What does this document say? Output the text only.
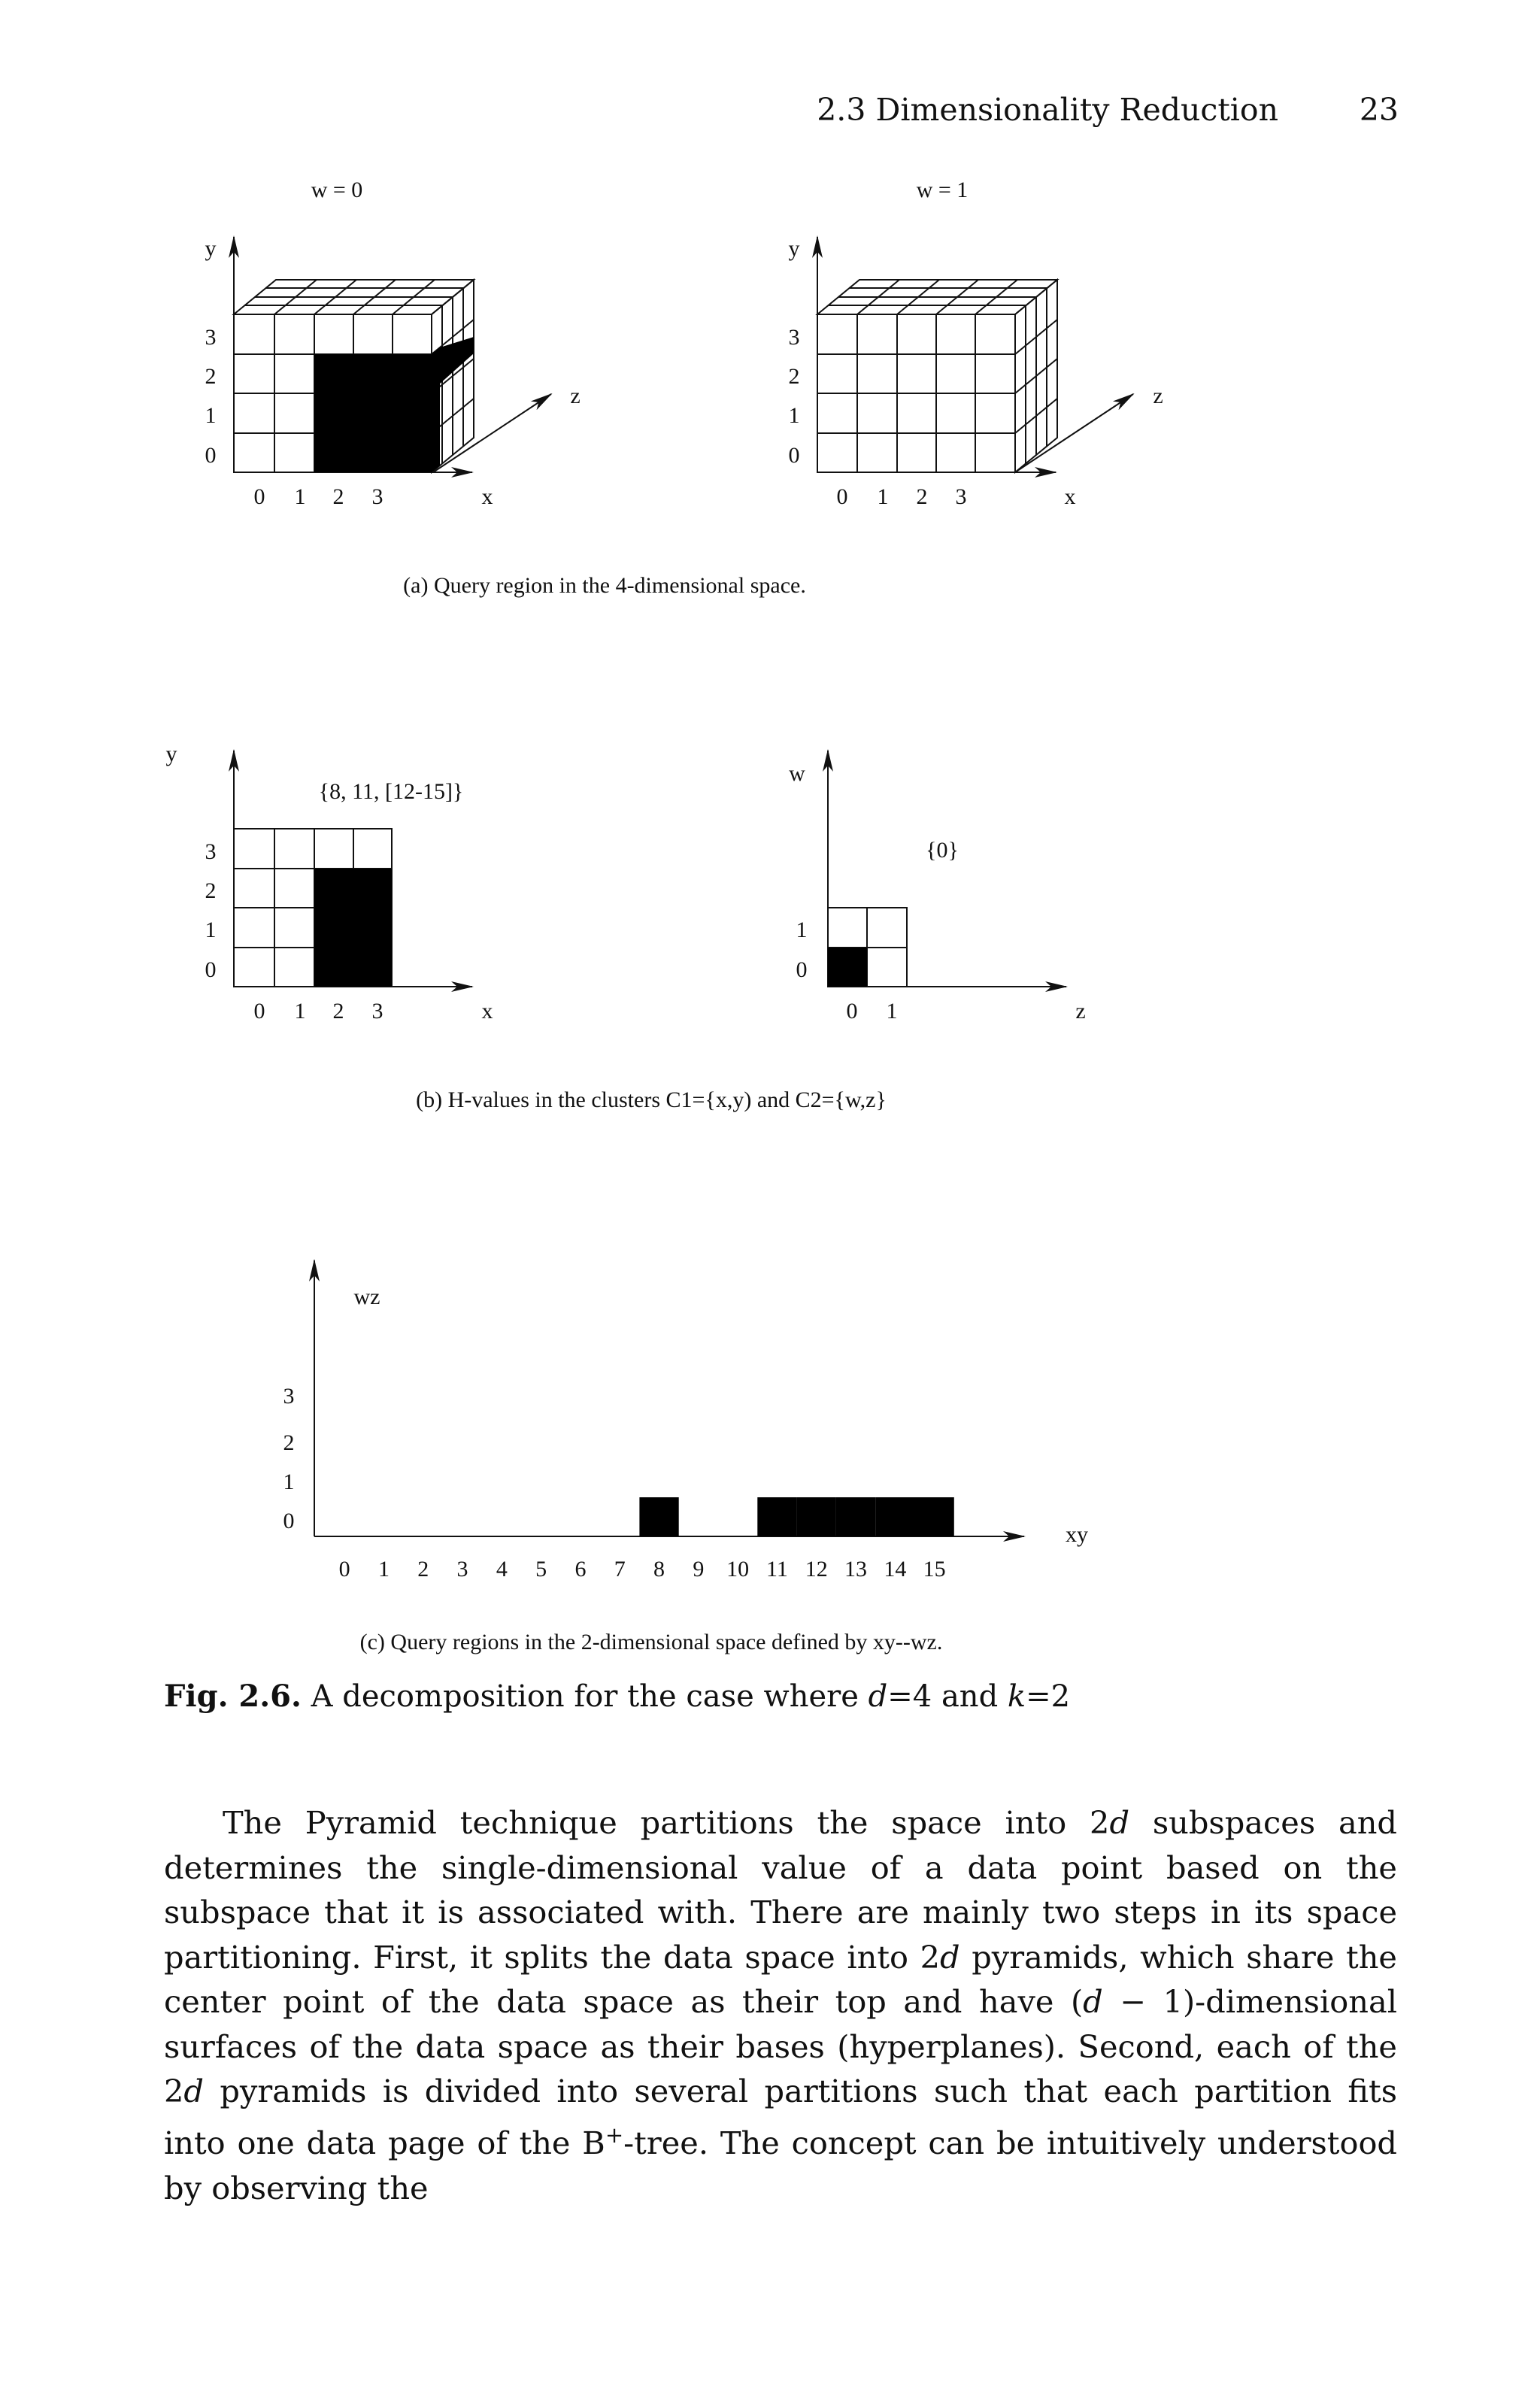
2.3 Dimensionality Reduction	23
w = 0	w = 1
y
3
2
1
0
0 1 2 3	x
z
y
3
2
1
0
0 1 2 3	x
z
(a) Query region in the 4-dimensional space.
y
{8, 11, [12-15]}
3
2
1
0
0 1 2 3	x
w
{0}
1
0
0 1	z
(b) H-values in the clusters C1={x,y) and C2={w,z}
0 1 2 3 4 5 6 7 8 9 10 11 12 13 14 15
wz
xy
3
2
1
0
(c) Query regions in the 2-dimensional space defined by xy--wz.
Fig. 2.6. A decomposition for the case where d=4 and k=2

The Pyramid technique partitions the space into 2d subspaces and determines the single-dimensional value of a data point based on the subspace that it is associated with. There are mainly two steps in its space partitioning. First, it splits the data space into 2d pyramids, which share the center point of the data space as their top and have (d − 1)-dimensional surfaces of the data space as their bases (hyperplanes). Second, each of the 2d pyramids is divided into several partitions such that each partition fits into one data page of the B+-tree. The concept can be intuitively understood by observing the
